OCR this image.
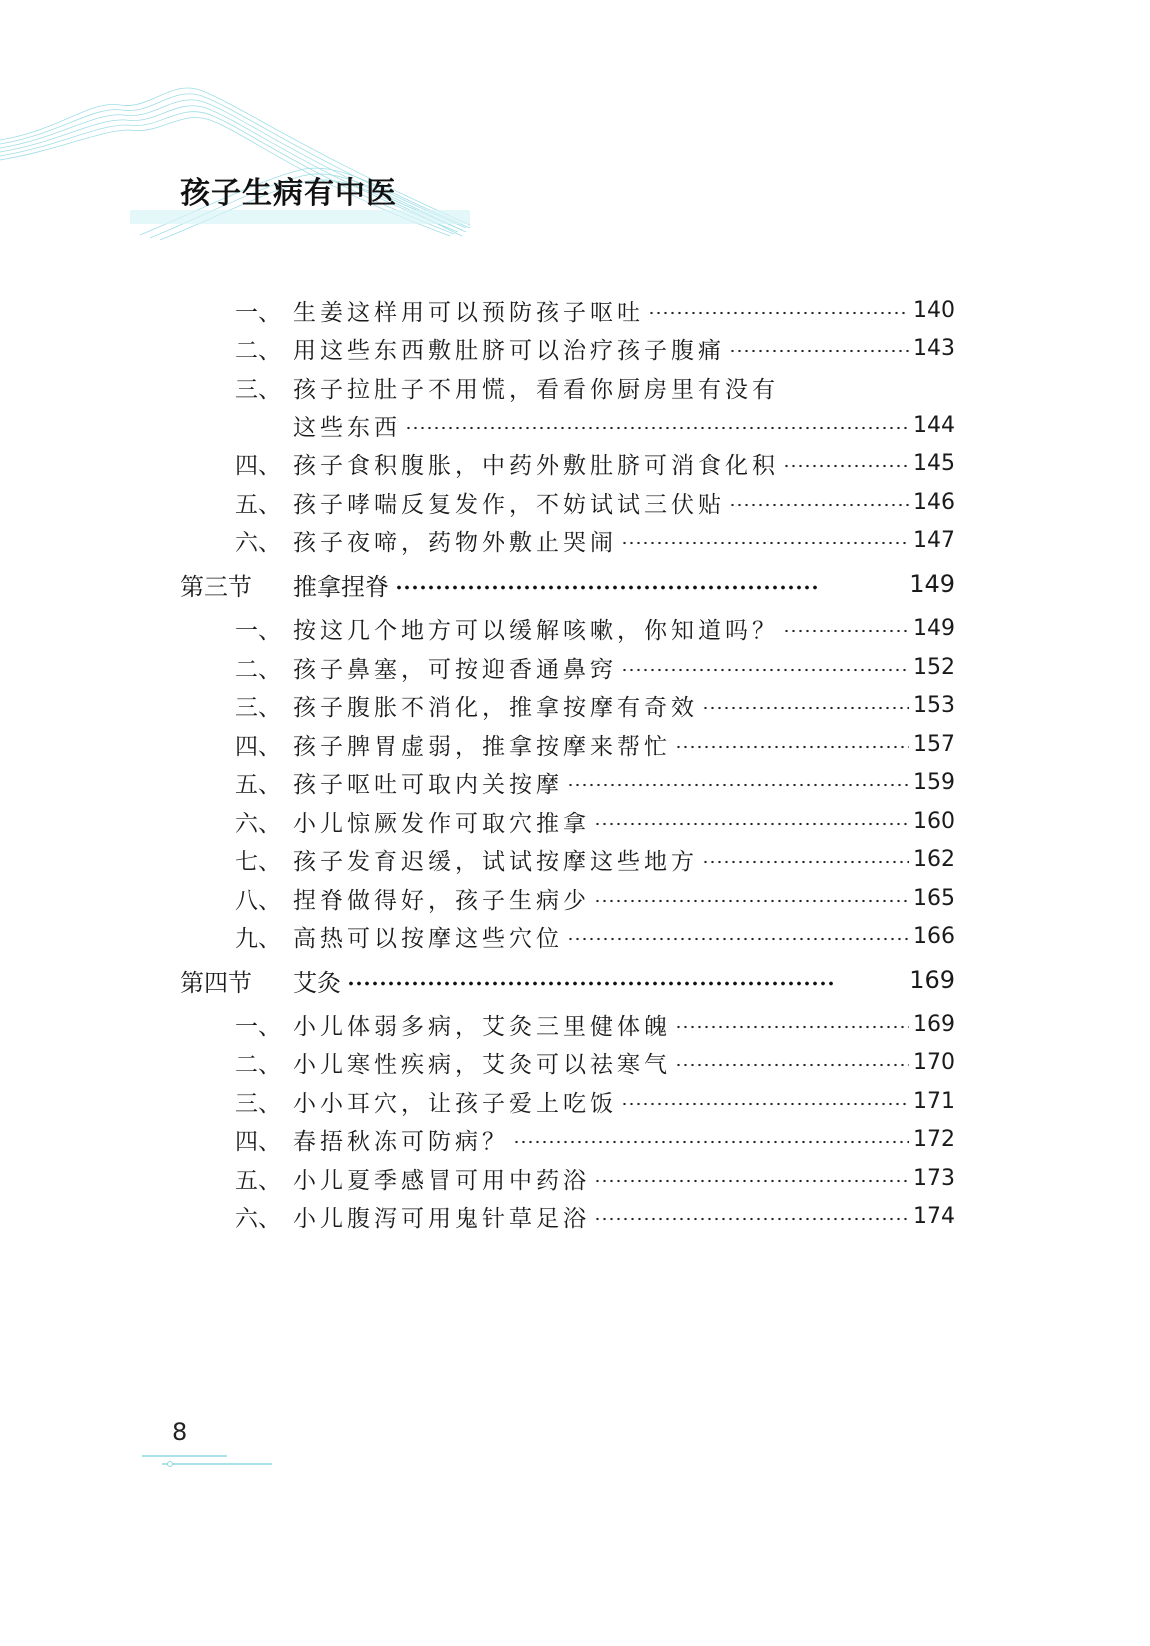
孩子生病有中医
一、 生姜这样用可以预防孩子呕吐	140
二、 用这些东西敷肚脐可以治疗孩子腹痛	143
三、 孩子拉肚子不用慌，看看你厨房里有没有
这些东西	144
四、 孩子食积腹胀，中药外敷肚脐可消食化积	145
五、 孩子哮喘反复发作，不妨试试三伏贴	146
六、 孩子夜啼，药物外敷止哭闹	147
第三节	推拿捏脊	149
一、 按这几个地方可以缓解咳嗽，你知道吗？	149
二、 孩子鼻塞，可按迎香通鼻窍	152
三、 孩子腹胀不消化，推拿按摩有奇效	153
四、 孩子脾胃虚弱，推拿按摩来帮忙	157
五、 孩子呕吐可取内关按摩	159
六、 小儿惊厥发作可取穴推拿	160
七、 孩子发育迟缓，试试按摩这些地方	162
八、 捏脊做得好，孩子生病少	165
九、 高热可以按摩这些穴位	166
第四节	艾灸	169
一、 小儿体弱多病，艾灸三里健体魄	169
二、 小儿寒性疾病，艾灸可以祛寒气	170
三、 小小耳穴，让孩子爱上吃饭	171
四、 春捂秋冻可防病？	172
五、 小儿夏季感冒可用中药浴	173
六、 小儿腹泻可用鬼针草足浴	174
8
